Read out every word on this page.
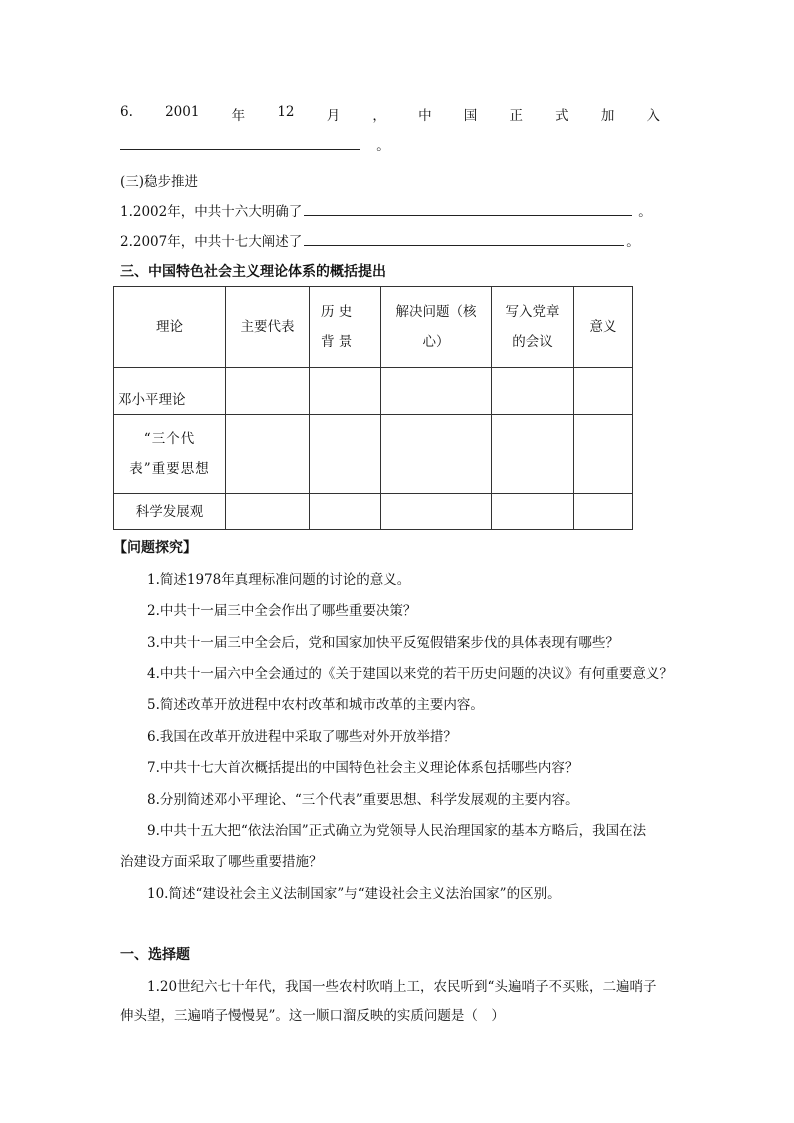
6. 2001 年 12 月 ， 中 国 正 式 加 入
。
(三)稳步推进
1.2002年，中共十六大明确了	。
2.2007年，中共十七大阐述了	。
三、中国特色社会主义理论体系的概括提出
理论	主要代表	历 史 背 景	解决问题（核心）	写入党章的会议	意义
邓小平理论					

“三个代表”重要思想					

科学发展观					
【问题探究】
1.简述1978年真理标准问题的讨论的意义。
2.中共十一届三中全会作出了哪些重要决策？
3.中共十一届三中全会后，党和国家加快平反冤假错案步伐的具体表现有哪些？
4.中共十一届六中全会通过的《关于建国以来党的若干历史问题的决议》有何重要意义？
5.简述改革开放进程中农村改革和城市改革的主要内容。
6.我国在改革开放进程中采取了哪些对外开放举措？
7.中共十七大首次概括提出的中国特色社会主义理论体系包括哪些内容？
8.分别简述邓小平理论、“三个代表”重要思想、科学发展观的主要内容。
9.中共十五大把“依法治国”正式确立为党领导人民治理国家的基本方略后，我国在法
治建设方面采取了哪些重要措施？
10.简述“建设社会主义法制国家”与“建设社会主义法治国家”的区别。
一、选择题
1.20世纪六七十年代，我国一些农村吹哨上工，农民听到“头遍哨子不买账，二遍哨子
伸头望，三遍哨子慢慢晃”。这一顺口溜反映的实质问题是（　）
